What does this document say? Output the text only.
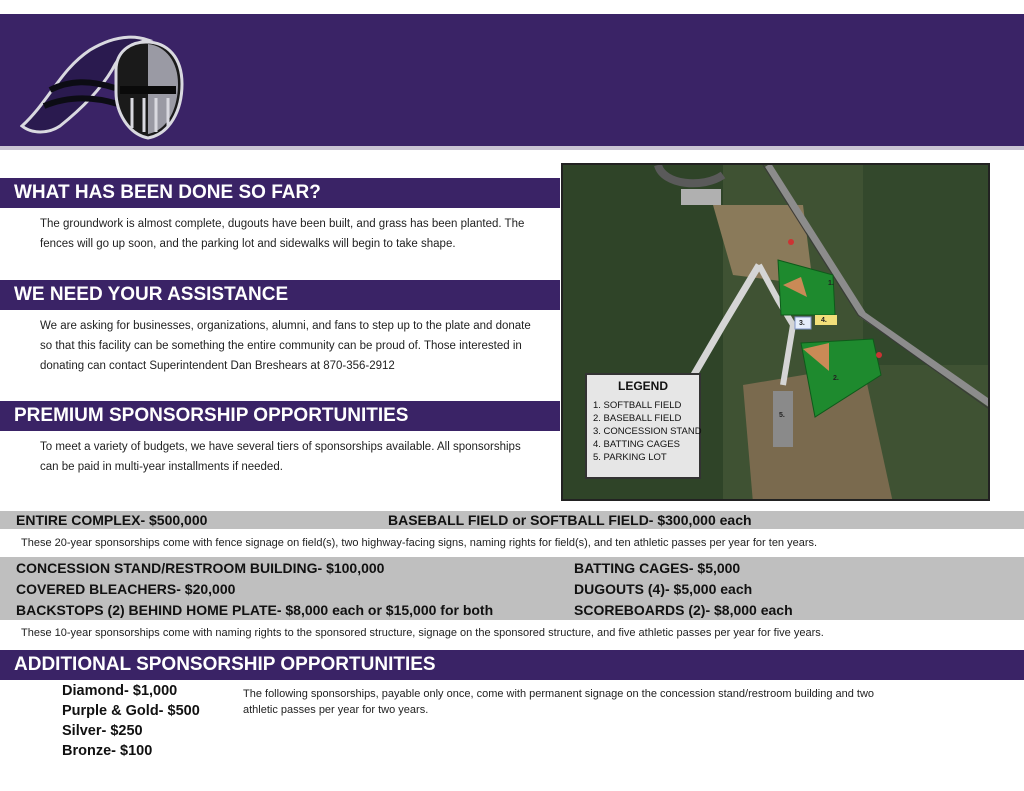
WHAT HAS BEEN DONE SO FAR?
The groundwork is almost complete, dugouts have been built, and grass has been planted. The
fences will go up soon, and the parking lot and sidewalks will begin to take shape.
WE NEED YOUR ASSISTANCE
We are asking for businesses, organizations, alumni, and fans to step up to the plate and donate
so that this facility can be something the entire community can be proud of. Those interested in
donating can contact Superintendent Dan Breshears at 870-356-2912
PREMIUM SPONSORSHIP OPPORTUNITIES
To meet a variety of budgets, we have several tiers of sponsorships available. All sponsorships
can be paid in multi-year installments if needed.
1.
2.
3. 4.
5.
LEGEND
1. SOFTBALL FIELD
2. BASEBALL FIELD
3. CONCESSION STAND
4. BATTING CAGES
5. PARKING LOT
ENTIRE COMPLEX- $500,000	BASEBALL FIELD or SOFTBALL FIELD- $300,000 each
These 20-year sponsorships come with fence signage on field(s), two highway-facing signs, naming rights for field(s), and ten athletic passes per year for ten years.
CONCESSION STAND/RESTROOM BUILDING- $100,000
COVERED BLEACHERS- $20,000
BACKSTOPS (2) BEHIND HOME PLATE- $8,000 each or $15,000 for both
BATTING CAGES- $5,000
DUGOUTS (4)- $5,000 each
SCOREBOARDS (2)- $8,000 each
These 10-year sponsorships come with naming rights to the sponsored structure, signage on the sponsored structure, and five athletic passes per year for five years.
ADDITIONAL SPONSORSHIP OPPORTUNITIES
Diamond- $1,000
Purple & Gold- $500
Silver- $250
Bronze- $100
The following sponsorships, payable only once, come with permanent signage on the concession stand/restroom building and two
athletic passes per year for two years.
